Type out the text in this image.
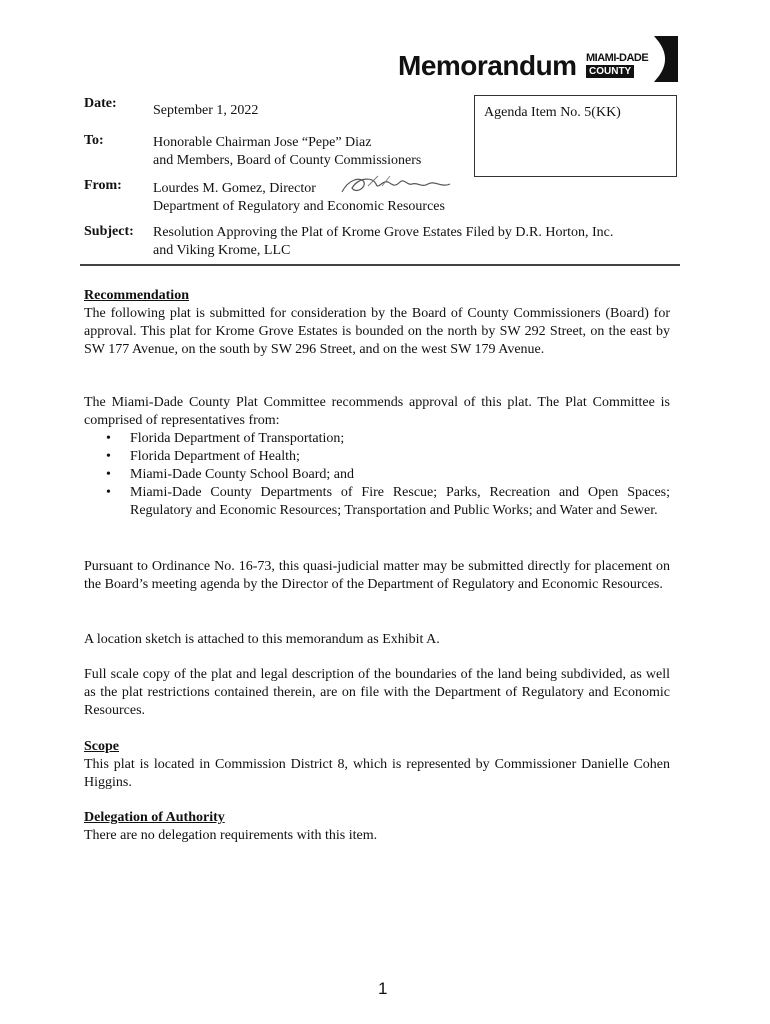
Memorandum MIAMI-DADE
COUNTY
Date:	September 1, 2022	Agenda Item No. 5(KK)
To:	Honorable Chairman Jose “Pepe” Diaz
and Members, Board of County Commissioners
From: Lourdes M. Gomez, Director
Department of Regulatory and Economic Resources
Subject: Resolution Approving the Plat of Krome Grove Estates Filed by D.R. Horton, Inc.
and Viking Krome, LLC
Recommendation
The following plat is submitted for consideration by the Board of County Commissioners (Board) for approval. This plat for Krome Grove Estates is bounded on the north by SW 292 Street, on the east by SW 177 Avenue, on the south by SW 296 Street, and on the west SW 179 Avenue.
The Miami-Dade County Plat Committee recommends approval of this plat. The Plat Committee is comprised of representatives from:
• Florida Department of Transportation;
• Florida Department of Health;
• Miami-Dade County School Board; and
• Miami-Dade County Departments of Fire Rescue; Parks, Recreation and Open Spaces; Regulatory and Economic Resources; Transportation and Public Works; and Water and Sewer.
Pursuant to Ordinance No. 16-73, this quasi-judicial matter may be submitted directly for placement on the Board’s meeting agenda by the Director of the Department of Regulatory and Economic Resources.
A location sketch is attached to this memorandum as Exhibit A.
Full scale copy of the plat and legal description of the boundaries of the land being subdivided, as well as the plat restrictions contained therein, are on file with the Department of Regulatory and Economic Resources.
Scope
This plat is located in Commission District 8, which is represented by Commissioner Danielle Cohen Higgins.
Delegation of Authority
There are no delegation requirements with this item.
1
